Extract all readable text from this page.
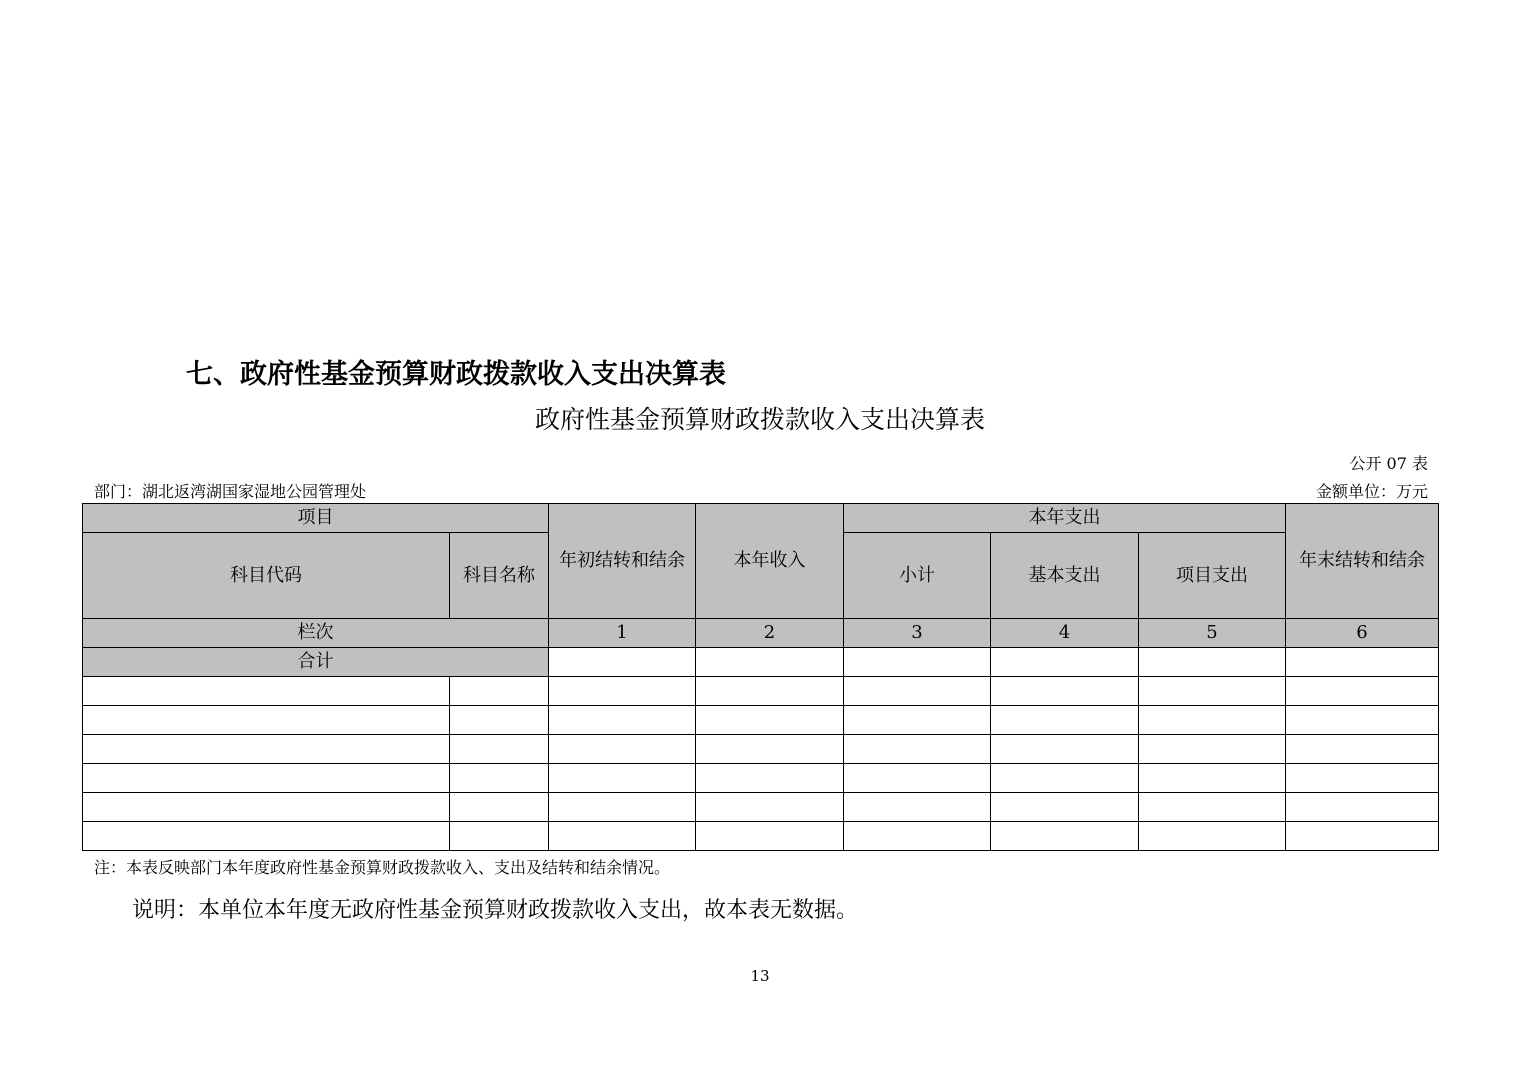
七、政府性基金预算财政拨款收入支出决算表
政府性基金预算财政拨款收入支出决算表
公开 07 表
部门：湖北返湾湖国家湿地公园管理处	金额单位：万元
项目		年初结转和结余	本年收入	本年支出			年末结转和结余
科目代码	科目名称			小计	基本支出	项目支出	
栏次		1	2	3	4	5	6
合计							

注：本表反映部门本年度政府性基金预算财政拨款收入、支出及结转和结余情况。
说明：本单位本年度无政府性基金预算财政拨款收入支出，故本表无数据。
13
